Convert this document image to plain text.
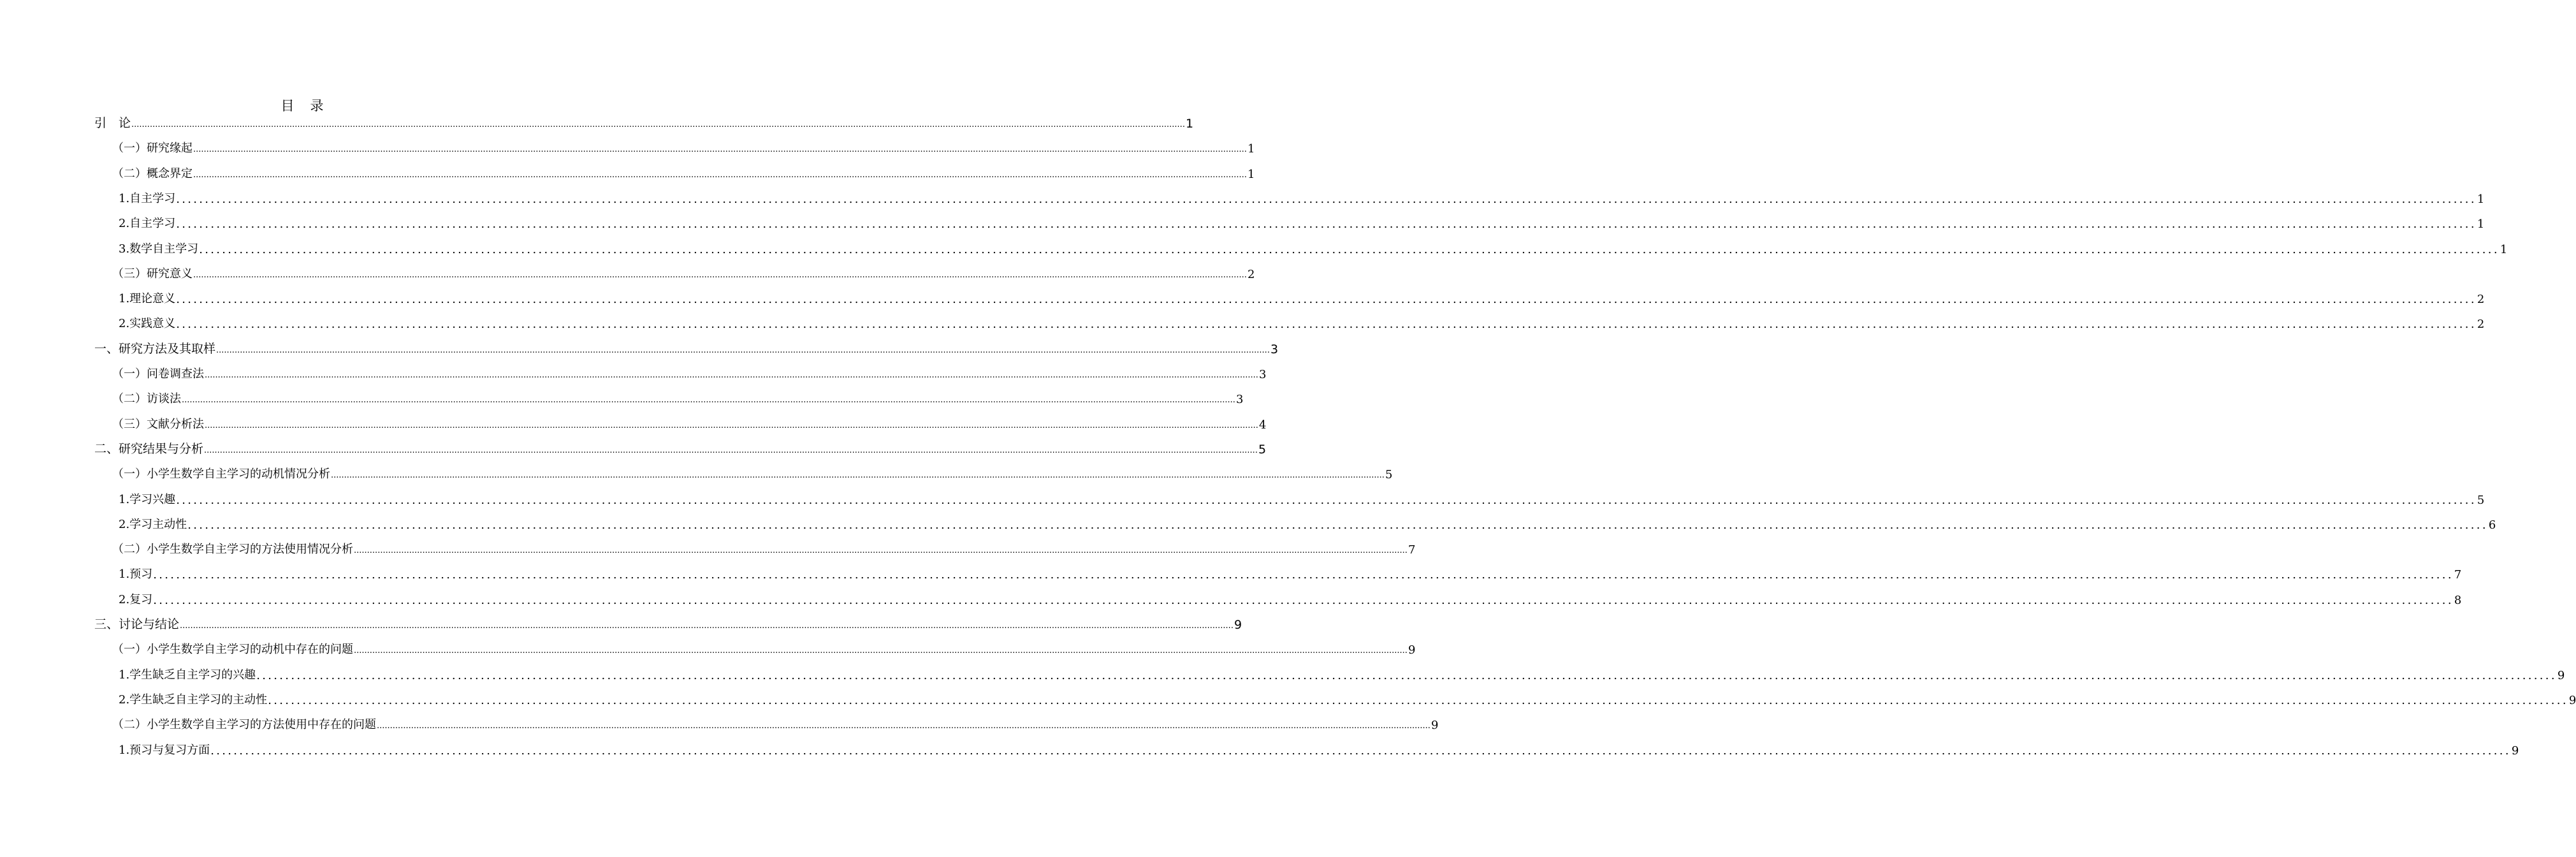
目　录
引　论 ................................................................................................................................................................................................................................................................................................................................................................................................................ 1
（一）研究缘起 ................................................................................................................................................................................................................................................................................................................................................................................................................ 1
（二）概念界定 ................................................................................................................................................................................................................................................................................................................................................................................................................ 1
1.自主学习 ................................................................................................................................................................................................................................................................................................................................................................................................................ 1
2.自主学习 ................................................................................................................................................................................................................................................................................................................................................................................................................ 1
3.数学自主学习 ................................................................................................................................................................................................................................................................................................................................................................................................................ 1
（三）研究意义 ................................................................................................................................................................................................................................................................................................................................................................................................................ 2
1.理论意义 ................................................................................................................................................................................................................................................................................................................................................................................................................ 2
2.实践意义 ................................................................................................................................................................................................................................................................................................................................................................................................................ 2
一、研究方法及其取样 ................................................................................................................................................................................................................................................................................................................................................................................................................ 3
（一）问卷调查法 ................................................................................................................................................................................................................................................................................................................................................................................................................ 3
（二）访谈法 ................................................................................................................................................................................................................................................................................................................................................................................................................ 3
（三）文献分析法 ................................................................................................................................................................................................................................................................................................................................................................................................................ 4
二、研究结果与分析 ................................................................................................................................................................................................................................................................................................................................................................................................................ 5
（一）小学生数学自主学习的动机情况分析 ................................................................................................................................................................................................................................................................................................................................................................................................................ 5
1.学习兴趣 ................................................................................................................................................................................................................................................................................................................................................................................................................ 5
2.学习主动性 ................................................................................................................................................................................................................................................................................................................................................................................................................ 6
（二）小学生数学自主学习的方法使用情况分析 ................................................................................................................................................................................................................................................................................................................................................................................................................ 7
1.预习 ................................................................................................................................................................................................................................................................................................................................................................................................................ 7
2.复习 ................................................................................................................................................................................................................................................................................................................................................................................................................ 8
三、讨论与结论 ................................................................................................................................................................................................................................................................................................................................................................................................................ 9
（一）小学生数学自主学习的动机中存在的问题 ................................................................................................................................................................................................................................................................................................................................................................................................................ 9
1.学生缺乏自主学习的兴趣 ................................................................................................................................................................................................................................................................................................................................................................................................................ 9
2.学生缺乏自主学习的主动性 ................................................................................................................................................................................................................................................................................................................................................................................................................ 9
（二）小学生数学自主学习的方法使用中存在的问题 ................................................................................................................................................................................................................................................................................................................................................................................................................ 9
1.预习与复习方面 ................................................................................................................................................................................................................................................................................................................................................................................................................ 9
